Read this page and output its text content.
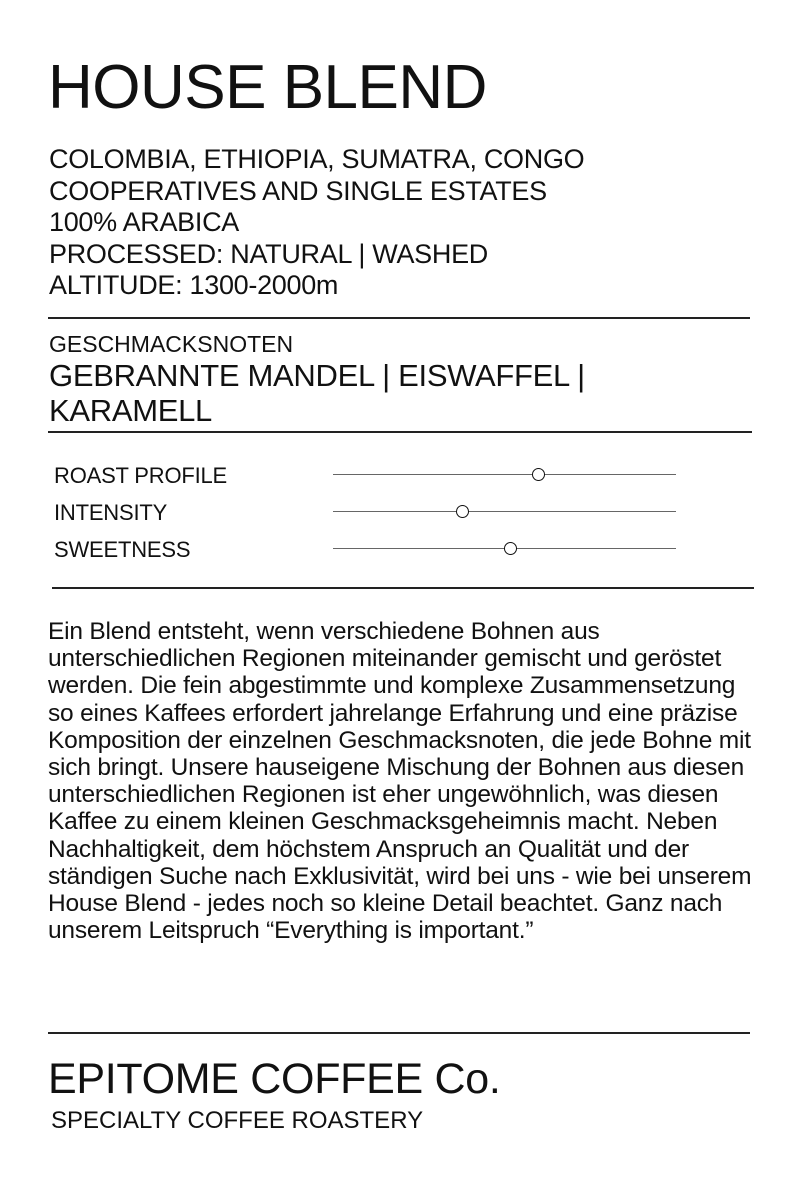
HOUSE BLEND
COLOMBIA, ETHIOPIA, SUMATRA, CONGO
COOPERATIVES AND SINGLE ESTATES
100% ARABICA
PROCESSED: NATURAL | WASHED
ALTITUDE: 1300-2000m
GESCHMACKSNOTEN
GEBRANNTE MANDEL | EISWAFFEL | KARAMELL
ROAST PROFILE
INTENSITY
SWEETNESS
Ein Blend entsteht, wenn verschiedene Bohnen aus unterschiedlichen Regionen miteinander gemischt und geröstet werden. Die fein abgestimmte und komplexe Zusammensetzung so eines Kaffees erfordert jahrelange Erfahrung und eine präzise Komposition der einzelnen Geschmacksnoten, die jede Bohne mit sich bringt. Unsere hauseigene Mischung der Bohnen aus diesen unterschiedlichen Regionen ist eher ungewöhnlich, was diesen Kaffee zu einem kleinen Geschmacksgeheimnis macht. Neben Nachhaltigkeit, dem höchstem Anspruch an Qualität und der ständigen Suche nach Exklusivität, wird bei uns - wie bei unserem House Blend - jedes noch so kleine Detail beachtet. Ganz nach unserem Leitspruch “Everything is important.”
EPITOME COFFEE Co.
SPECIALTY COFFEE ROASTERY
